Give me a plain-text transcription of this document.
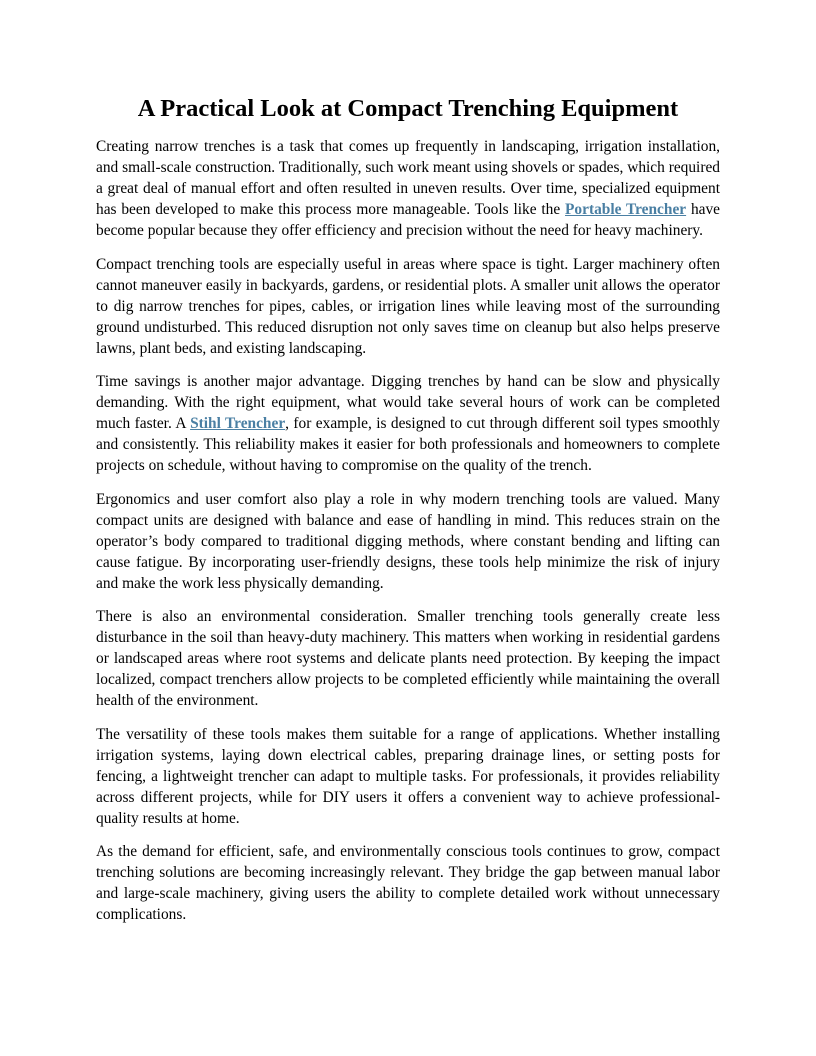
A Practical Look at Compact Trenching Equipment

Creating narrow trenches is a task that comes up frequently in landscaping, irrigation installation, and small-scale construction. Traditionally, such work meant using shovels or spades, which required a great deal of manual effort and often resulted in uneven results. Over time, specialized equipment has been developed to make this process more manageable. Tools like the Portable Trencher have become popular because they offer efficiency and precision without the need for heavy machinery.

Compact trenching tools are especially useful in areas where space is tight. Larger machinery often cannot maneuver easily in backyards, gardens, or residential plots. A smaller unit allows the operator to dig narrow trenches for pipes, cables, or irrigation lines while leaving most of the surrounding ground undisturbed. This reduced disruption not only saves time on cleanup but also helps preserve lawns, plant beds, and existing landscaping.

Time savings is another major advantage. Digging trenches by hand can be slow and physically demanding. With the right equipment, what would take several hours of work can be completed much faster. A Stihl Trencher, for example, is designed to cut through different soil types smoothly and consistently. This reliability makes it easier for both professionals and homeowners to complete projects on schedule, without having to compromise on the quality of the trench.

Ergonomics and user comfort also play a role in why modern trenching tools are valued. Many compact units are designed with balance and ease of handling in mind. This reduces strain on the operator’s body compared to traditional digging methods, where constant bending and lifting can cause fatigue. By incorporating user-friendly designs, these tools help minimize the risk of injury and make the work less physically demanding.

There is also an environmental consideration. Smaller trenching tools generally create less disturbance in the soil than heavy-duty machinery. This matters when working in residential gardens or landscaped areas where root systems and delicate plants need protection. By keeping the impact localized, compact trenchers allow projects to be completed efficiently while maintaining the overall health of the environment.

The versatility of these tools makes them suitable for a range of applications. Whether installing irrigation systems, laying down electrical cables, preparing drainage lines, or setting posts for fencing, a lightweight trencher can adapt to multiple tasks. For professionals, it provides reliability across different projects, while for DIY users it offers a convenient way to achieve professional-quality results at home.

As the demand for efficient, safe, and environmentally conscious tools continues to grow, compact trenching solutions are becoming increasingly relevant. They bridge the gap between manual labor and large-scale machinery, giving users the ability to complete detailed work without unnecessary complications.
